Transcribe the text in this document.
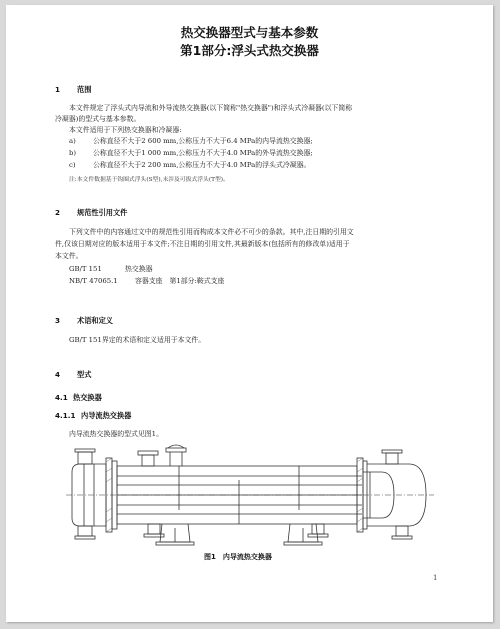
热交换器型式与基本参数
第1部分:浮头式热交换器
1 范围
本文件规定了浮头式内导流和外导流热交换器(以下简称"热交换器")和浮头式冷凝器(以下简称
冷凝器)的型式与基本参数。
本文件适用于下列热交换器和冷凝器:
a) 公称直径不大于2 600 mm,公称压力不大于6.4 MPa的内导流热交换器;
b) 公称直径不大于1 000 mm,公称压力不大于4.0 MPa的外导流热交换器;
c)	公称直径不大于2 200 mm,公称压力不大于4.0 MPa的浮头式冷凝器。
注:本文件数据基于钩圈式浮头(S型),未涉及可拔式浮头(T型)。
2 规范性引用文件
下列文件中的内容通过文中的规范性引用而构成本文件必不可少的条款。其中,注日期的引用文
件,仅该日期对应的版本适用于本文件;不注日期的引用文件,其最新版本(包括所有的修改单)适用于
本文件。
GB/T 151	热交换器
NB/T 47065.1	容器支座　第1部分:鞍式支座
3 术语和定义
GB/T 151界定的术语和定义适用于本文件。
4 型式
4.1 热交换器
4.1.1 内导流热交换器
内导流热交换器的型式见图1。
图1　内导流热交换器
1
